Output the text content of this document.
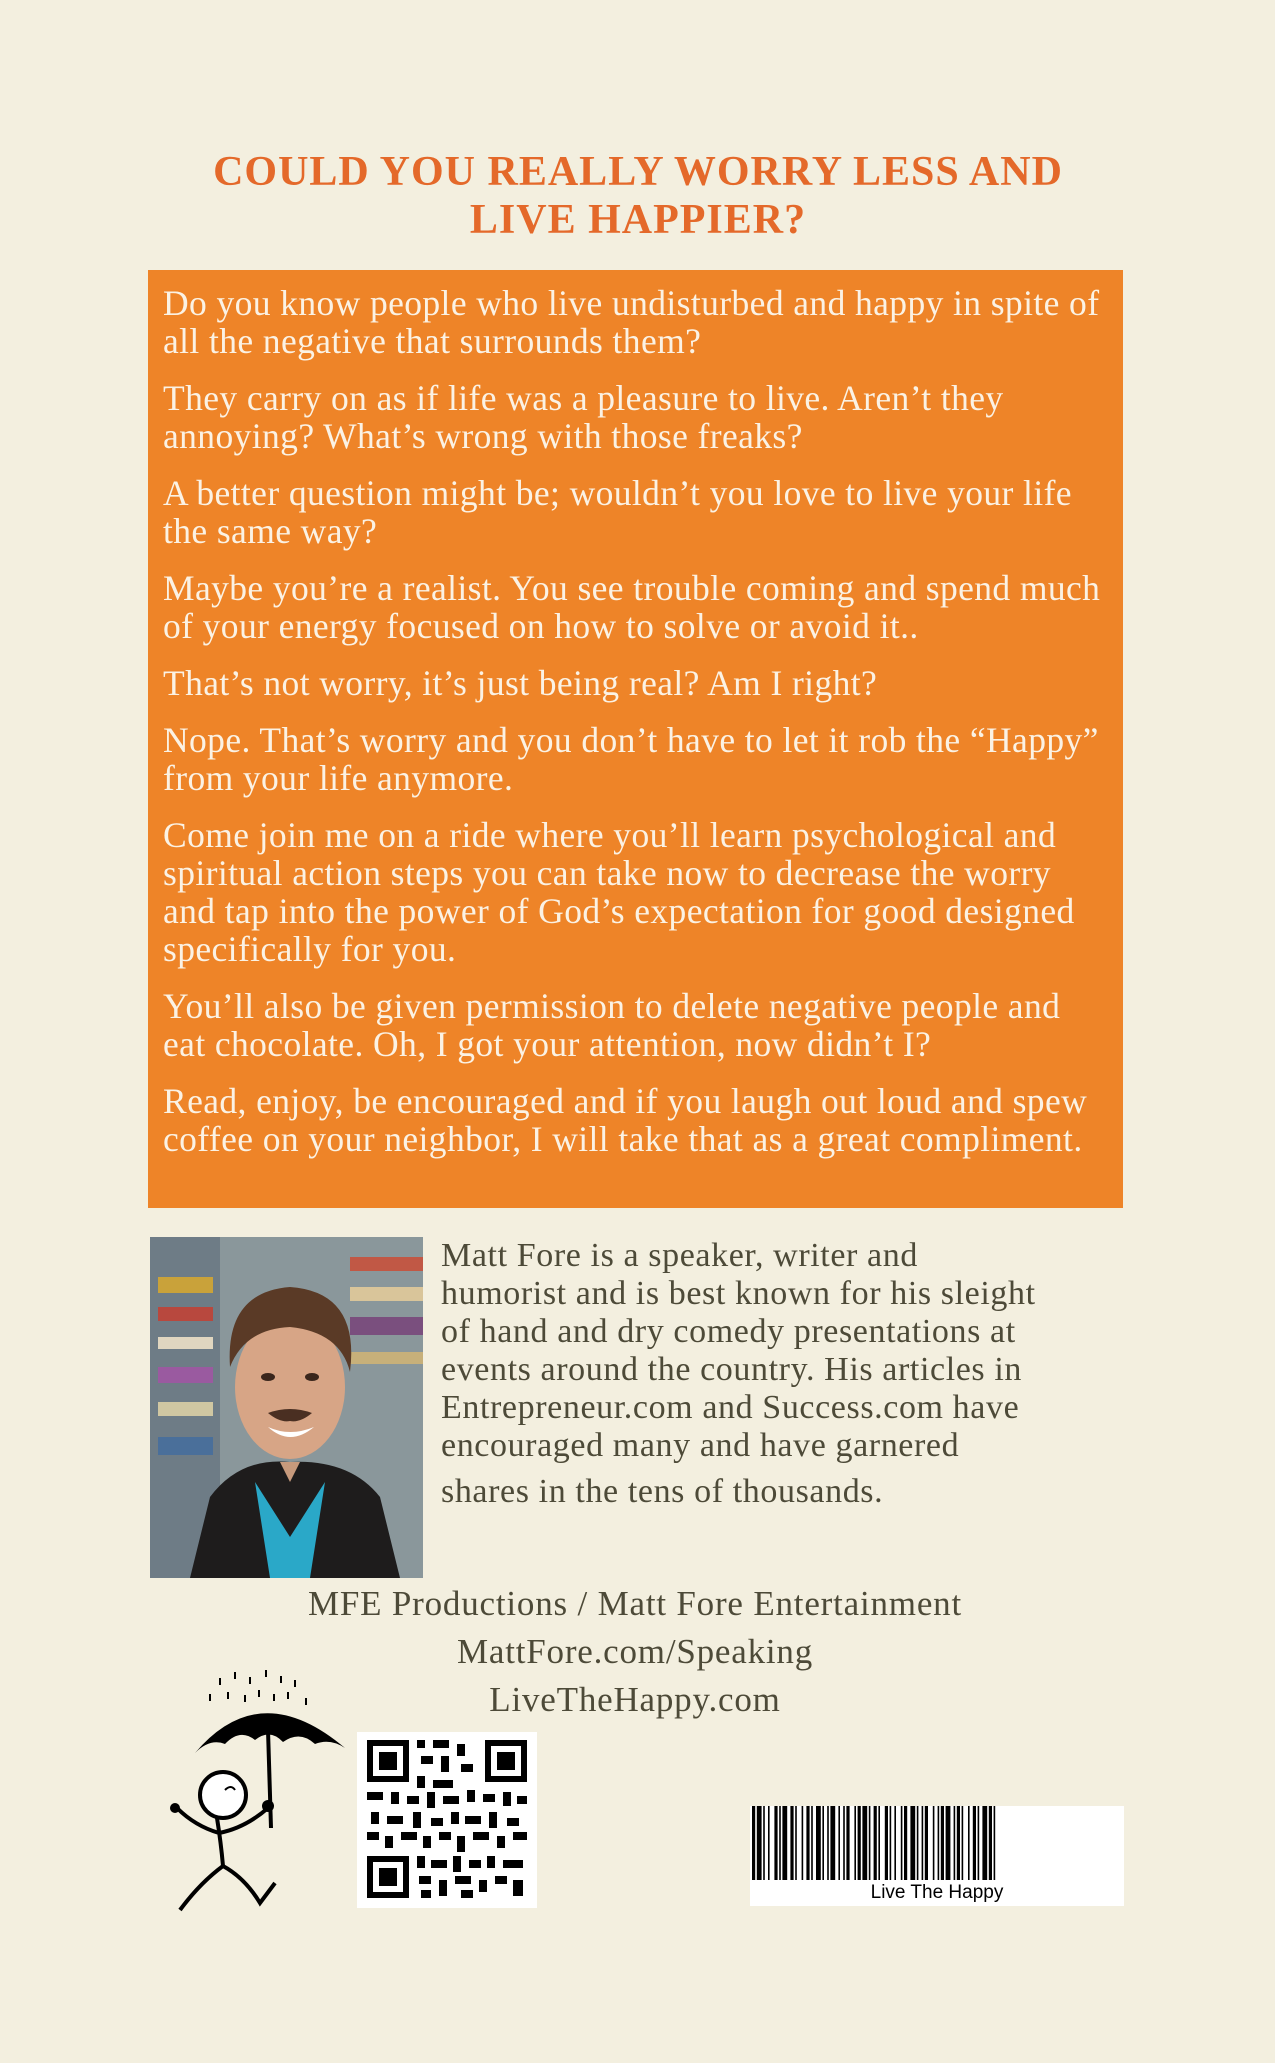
COULD YOU REALLY WORRY LESS AND
LIVE HAPPIER?

Do you know people who live undisturbed and happy in spite of all the negative that surrounds them?

They carry on as if life was a pleasure to live. Aren’t they annoying? What’s wrong with those freaks?

A better question might be; wouldn’t you love to live your life the same way?

Maybe you’re a realist. You see trouble coming and spend much of your energy focused on how to solve or avoid it..

That’s not worry, it’s just being real? Am I right?

Nope. That’s worry and you don’t have to let it rob the “Happy” from your life anymore.

Come join me on a ride where you’ll learn psychological and spiritual action steps you can take now to decrease the worry and tap into the power of God’s expectation for good designed specifically for you.

You’ll also be given permission to delete negative people and eat chocolate. Oh, I got your attention, now didn’t I?

Read, enjoy, be encouraged and if you laugh out loud and spew coffee on your neighbor, I will take that as a great compliment.

Matt Fore is a speaker, writer and
humorist and is best known for his sleight
of hand and dry comedy presentations at
events around the country. His articles in
Entrepreneur.com and Success.com have
encouraged many and have garnered
shares in the tens of thousands.
MFE Productions / Matt Fore Entertainment
MattFore.com/Speaking
LiveTheHappy.com
Live The Happy
